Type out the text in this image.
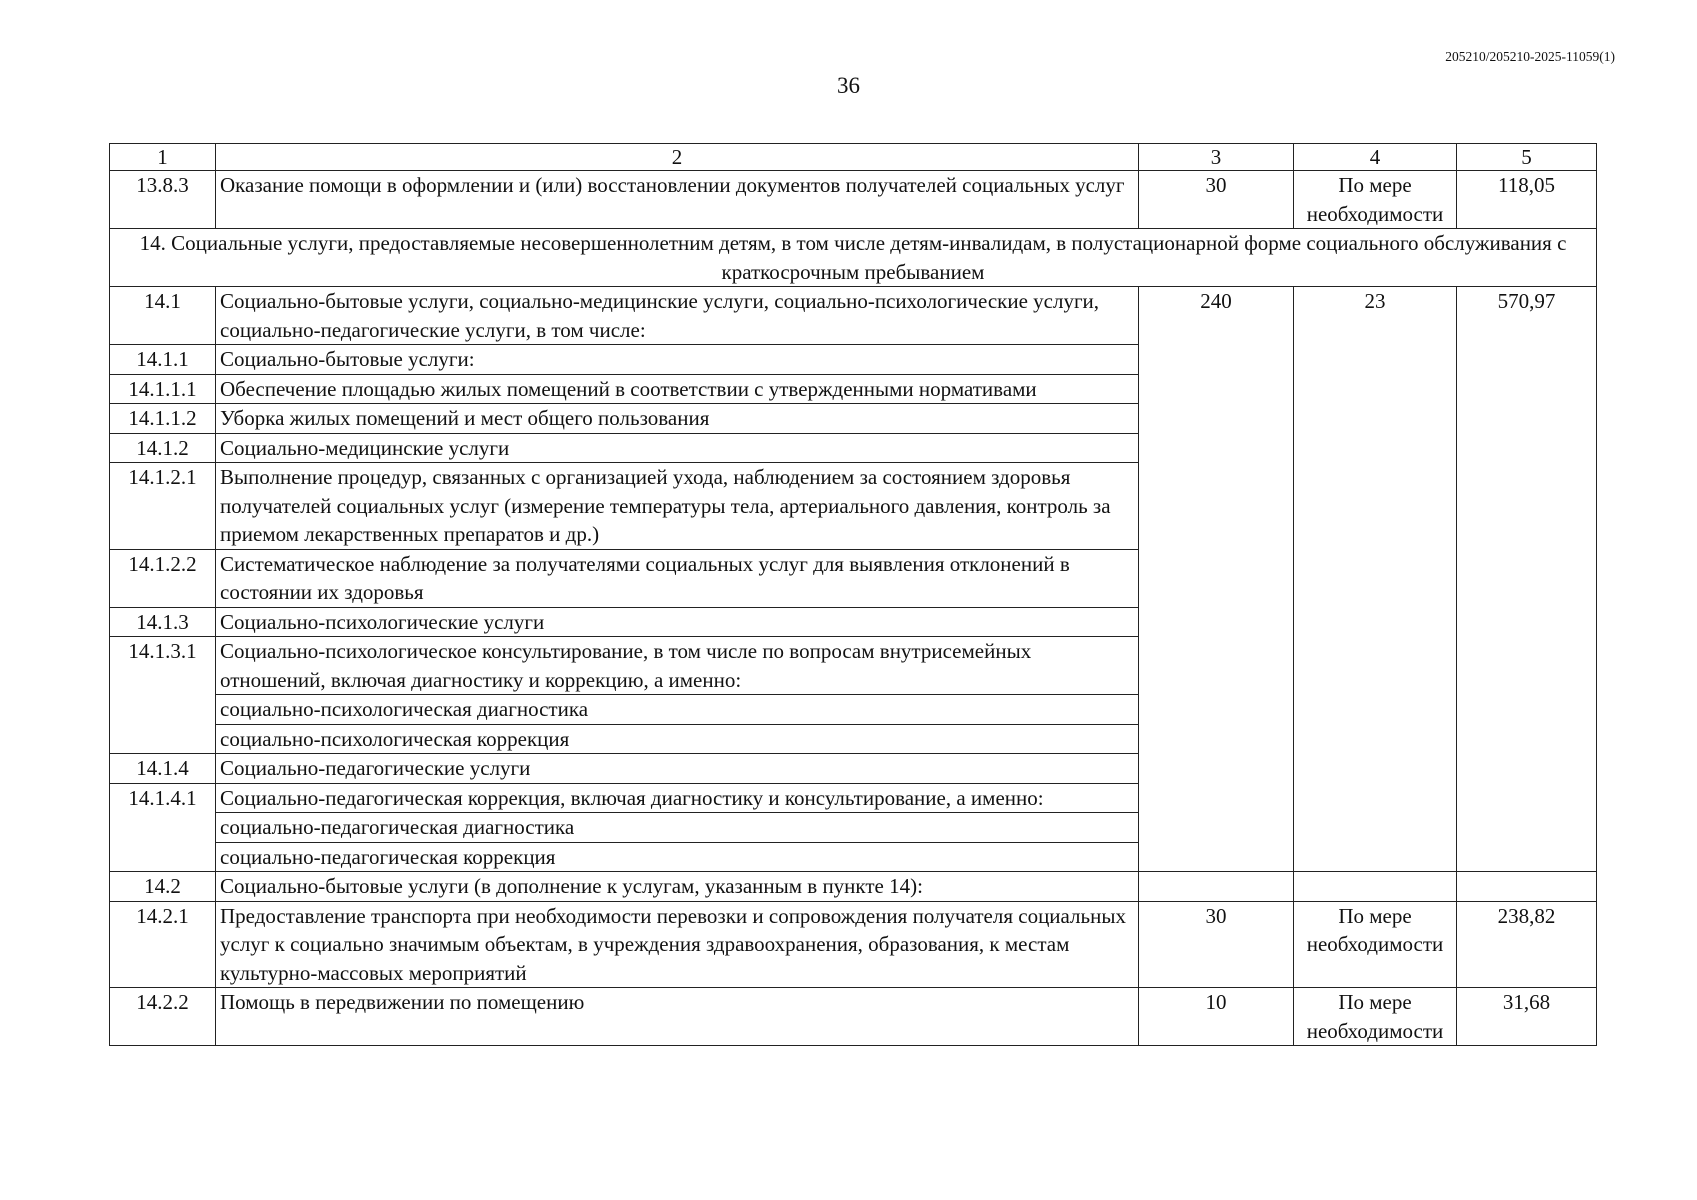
205210/205210-2025-11059(1)
36
1	2	3	4	5
13.8.3	Оказание помощи в оформлении и (или) восстановлении документов получателей социальных услуг	30	По мере необходимости	118,05
14. Социальные услуги, предоставляемые несовершеннолетним детям, в том числе детям-инвалидам, в полустационарной форме социального обслуживания с краткосрочным пребыванием				
14.1	Социально-бытовые услуги, социально-медицинские услуги, социально-психологические услуги, социально-педагогические услуги, в том числе:	240	23	570,97
14.1.1	Социально-бытовые услуги:			
14.1.1.1	Обеспечение площадью жилых помещений в соответствии с утвержденными нормативами			
14.1.1.2	Уборка жилых помещений и мест общего пользования			
14.1.2	Социально-медицинские услуги			
14.1.2.1	Выполнение процедур, связанных с организацией ухода, наблюдением за состоянием здоровья получателей социальных услуг (измерение температуры тела, артериального давления, контроль за приемом лекарственных препаратов и др.)			
14.1.2.2	Систематическое наблюдение за получателями социальных услуг для выявления отклонений в состоянии их здоровья			
14.1.3	Социально-психологические услуги			
14.1.3.1	Социально-психологическое консультирование, в том числе по вопросам внутрисемейных отношений, включая диагностику и коррекцию, а именно:			
	социально-психологическая диагностика			
	социально-психологическая коррекция			
14.1.4	Социально-педагогические услуги			
14.1.4.1	Социально-педагогическая коррекция, включая диагностику и консультирование, а именно:			
	социально-педагогическая диагностика			
	социально-педагогическая коррекция			
14.2	Социально-бытовые услуги (в дополнение к услугам, указанным в пункте 14):			
14.2.1	Предоставление транспорта при необходимости перевозки и сопровождения получателя социальных услуг к социально значимым объектам, в учреждения здравоохранения, образования, к местам культурно-массовых мероприятий	30	По мере необходимости	238,82
14.2.2	Помощь в передвижении по помещению	10	По мере необходимости	31,68
